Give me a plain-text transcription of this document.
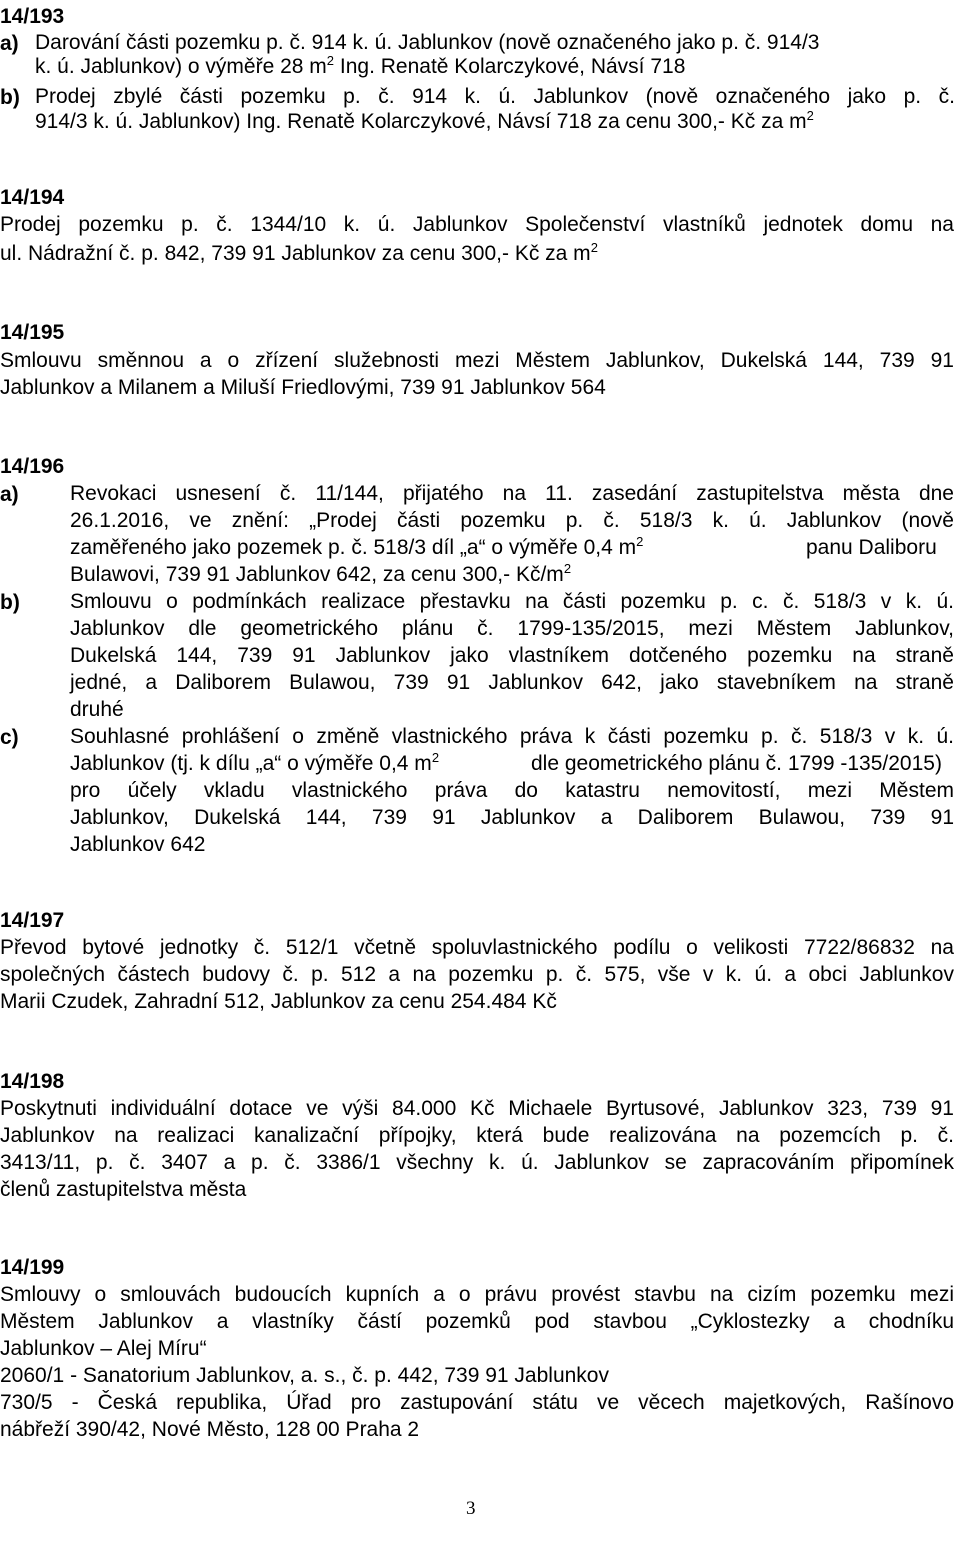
14/193
a) Darování části pozemku p. č. 914 k. ú. Jablunkov (nově označeného jako p. č. 914/3
k. ú. Jablunkov) o výměře 28 $m^2$ Ing. Renatě Kolarczykové, Návsí 718
b) Prodej zbylé části pozemku p. č. 914 k. ú. Jablunkov (nově označeného jako p. č.
914/3 k. ú. Jablunkov) Ing. Renatě Kolarczykové, Návsí 718 za cenu 300,- Kč za $m^2$
14/194
Prodej pozemku p. č. 1344/10 k. ú. Jablunkov Společenství vlastníků jednotek domu na
ul. Nádražní č. p. 842, 739 91 Jablunkov za cenu 300,- Kč za $m^2$
14/195
Smlouvu směnnou a o zřízení služebnosti mezi Městem Jablunkov, Dukelská 144, 739 91
Jablunkov a Milanem a Miluší Friedlovými, 739 91 Jablunkov 564
14/196
a) Revokaci usnesení č. 11/144, přijatého na 11. zasedání zastupitelstva města dne
26.1.2016, ve znění: „Prodej části pozemku p. č. 518/3 k. ú. Jablunkov (nově
zaměřeného jako pozemek p. č. 518/3 díl „a“ o výměře 0,4 $m^2$	panu Daliboru
Bulawovi, 739 91 Jablunkov 642, za cenu 300,- $Kč/m^2$
b) Smlouvu o podmínkách realizace přestavku na části pozemku p. c. č. 518/3 v k. ú.
Jablunkov dle geometrického plánu č. 1799-135/2015, mezi Městem Jablunkov,
Dukelská 144, 739 91 Jablunkov jako vlastníkem dotčeného pozemku na straně
jedné, a Daliborem Bulawou, 739 91 Jablunkov 642, jako stavebníkem na straně
druhé
c) Souhlasné prohlášení o změně vlastnického práva k části pozemku p. č. 518/3 v k. ú.
Jablunkov (tj. k dílu „a“ o výměře 0,4 $m^2$	dle geometrického plánu č. 1799 -135/2015)
pro účely vkladu vlastnického práva do katastru nemovitostí, mezi Městem
Jablunkov, Dukelská 144, 739 91 Jablunkov a Daliborem Bulawou, 739 91
Jablunkov 642
14/197
Převod bytové jednotky č. 512/1 včetně spoluvlastnického podílu o velikosti 7722/86832 na
společných částech budovy č. p. 512 a na pozemku p. č. 575, vše v k. ú. a obci Jablunkov
Marii Czudek, Zahradní 512, Jablunkov za cenu 254.484 Kč
14/198
Poskytnuti individuální dotace ve výši 84.000 Kč Michaele Byrtusové, Jablunkov 323, 739 91
Jablunkov na realizaci kanalizační přípojky, která bude realizována na pozemcích p. č.
3413/11, p. č. 3407 a p. č. 3386/1 všechny k. ú. Jablunkov se zapracováním připomínek
členů zastupitelstva města
14/199
Smlouvy o smlouvách budoucích kupních a o právu provést stavbu na cizím pozemku mezi
Městem Jablunkov a vlastníky částí pozemků pod stavbou „Cyklostezky a chodníku
Jablunkov – Alej Míru“
2060/1 - Sanatorium Jablunkov, a. s., č. p. 442, 739 91 Jablunkov
730/5 - Česká republika, Úřad pro zastupování státu ve věcech majetkových, Rašínovo
nábřeží 390/42, Nové Město, 128 00 Praha 2
3
